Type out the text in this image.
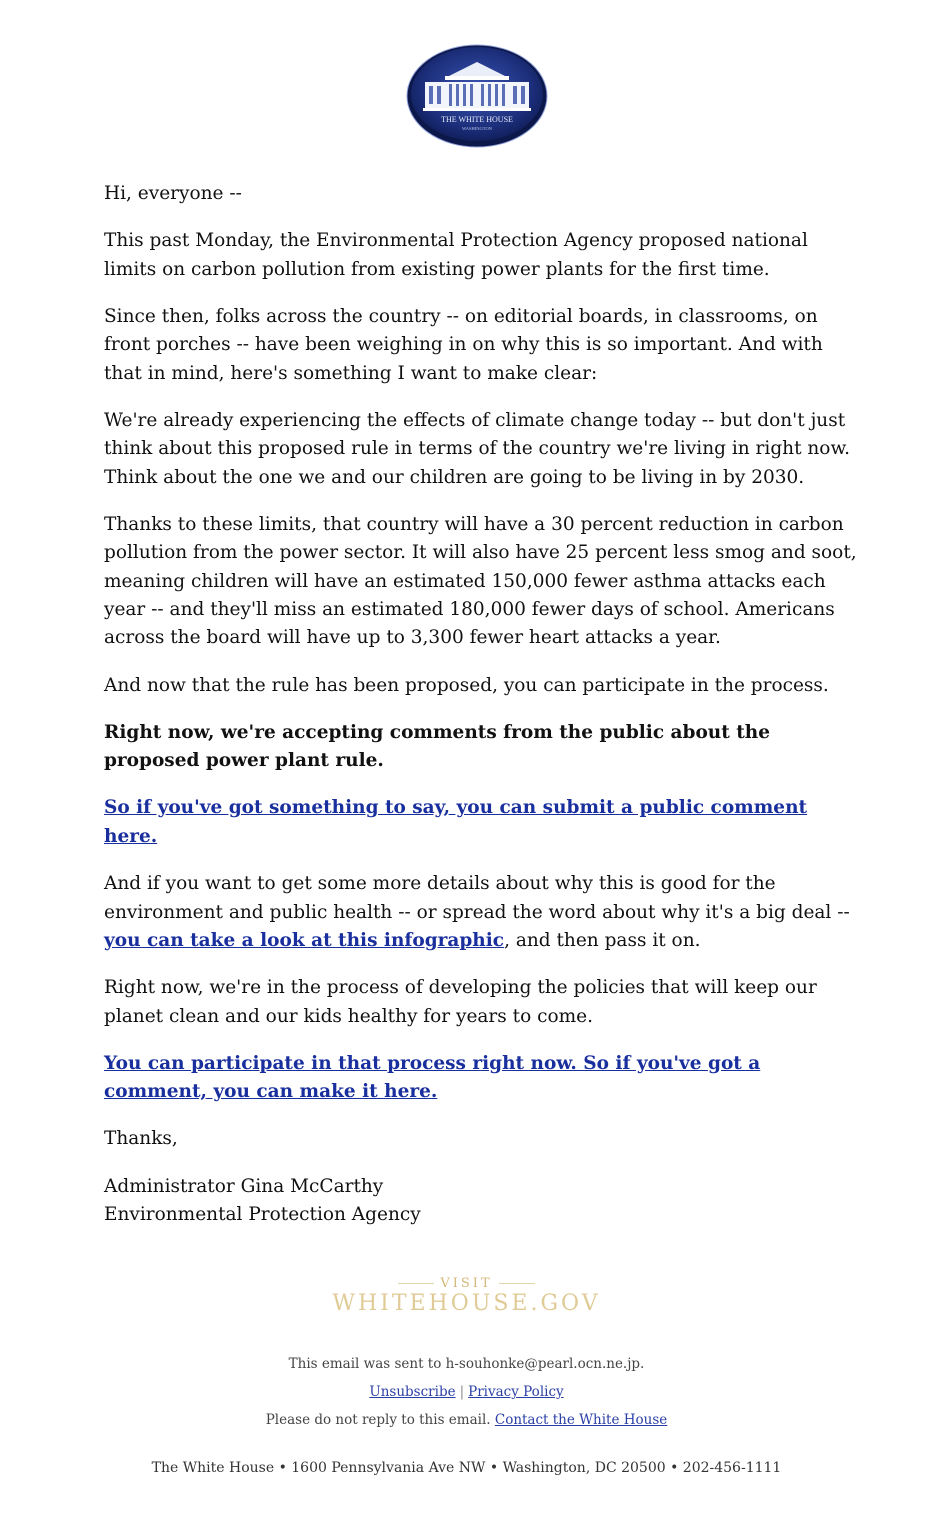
THE WHITE HOUSE
WASHINGTON

Hi, everyone --

This past Monday, the Environmental Protection Agency proposed national limits on carbon pollution from existing power plants for the first time.

Since then, folks across the country -- on editorial boards, in classrooms, on front porches -- have been weighing in on why this is so important. And with that in mind, here's something I want to make clear:

We're already experiencing the effects of climate change today -- but don't just think about this proposed rule in terms of the country we're living in right now. Think about the one we and our children are going to be living in by 2030.

Thanks to these limits, that country will have a 30 percent reduction in carbon pollution from the power sector. It will also have 25 percent less smog and soot, meaning children will have an estimated 150,000 fewer asthma attacks each year -- and they'll miss an estimated 180,000 fewer days of school. Americans across the board will have up to 3,300 fewer heart attacks a year.

And now that the rule has been proposed, you can participate in the process.

Right now, we're accepting comments from the public about the proposed power plant rule.

So if you've got something to say, you can submit a public comment here.

And if you want to get some more details about why this is good for the environment and public health -- or spread the word about why it's a big deal -- you can take a look at this infographic, and then pass it on.

Right now, we're in the process of developing the policies that will keep our planet clean and our kids healthy for years to come.

You can participate in that process right now. So if you've got a comment, you can make it here.

Thanks,

Administrator Gina McCarthy

Environmental Protection Agency

VISIT
WHITEHOUSE.GOV
This email was sent to h-souhonke@pearl.ocn.ne.jp.
Unsubscribe | Privacy Policy
Please do not reply to this email. Contact the White House
The White House • 1600 Pennsylvania Ave NW • Washington, DC 20500 • 202-456-1111
